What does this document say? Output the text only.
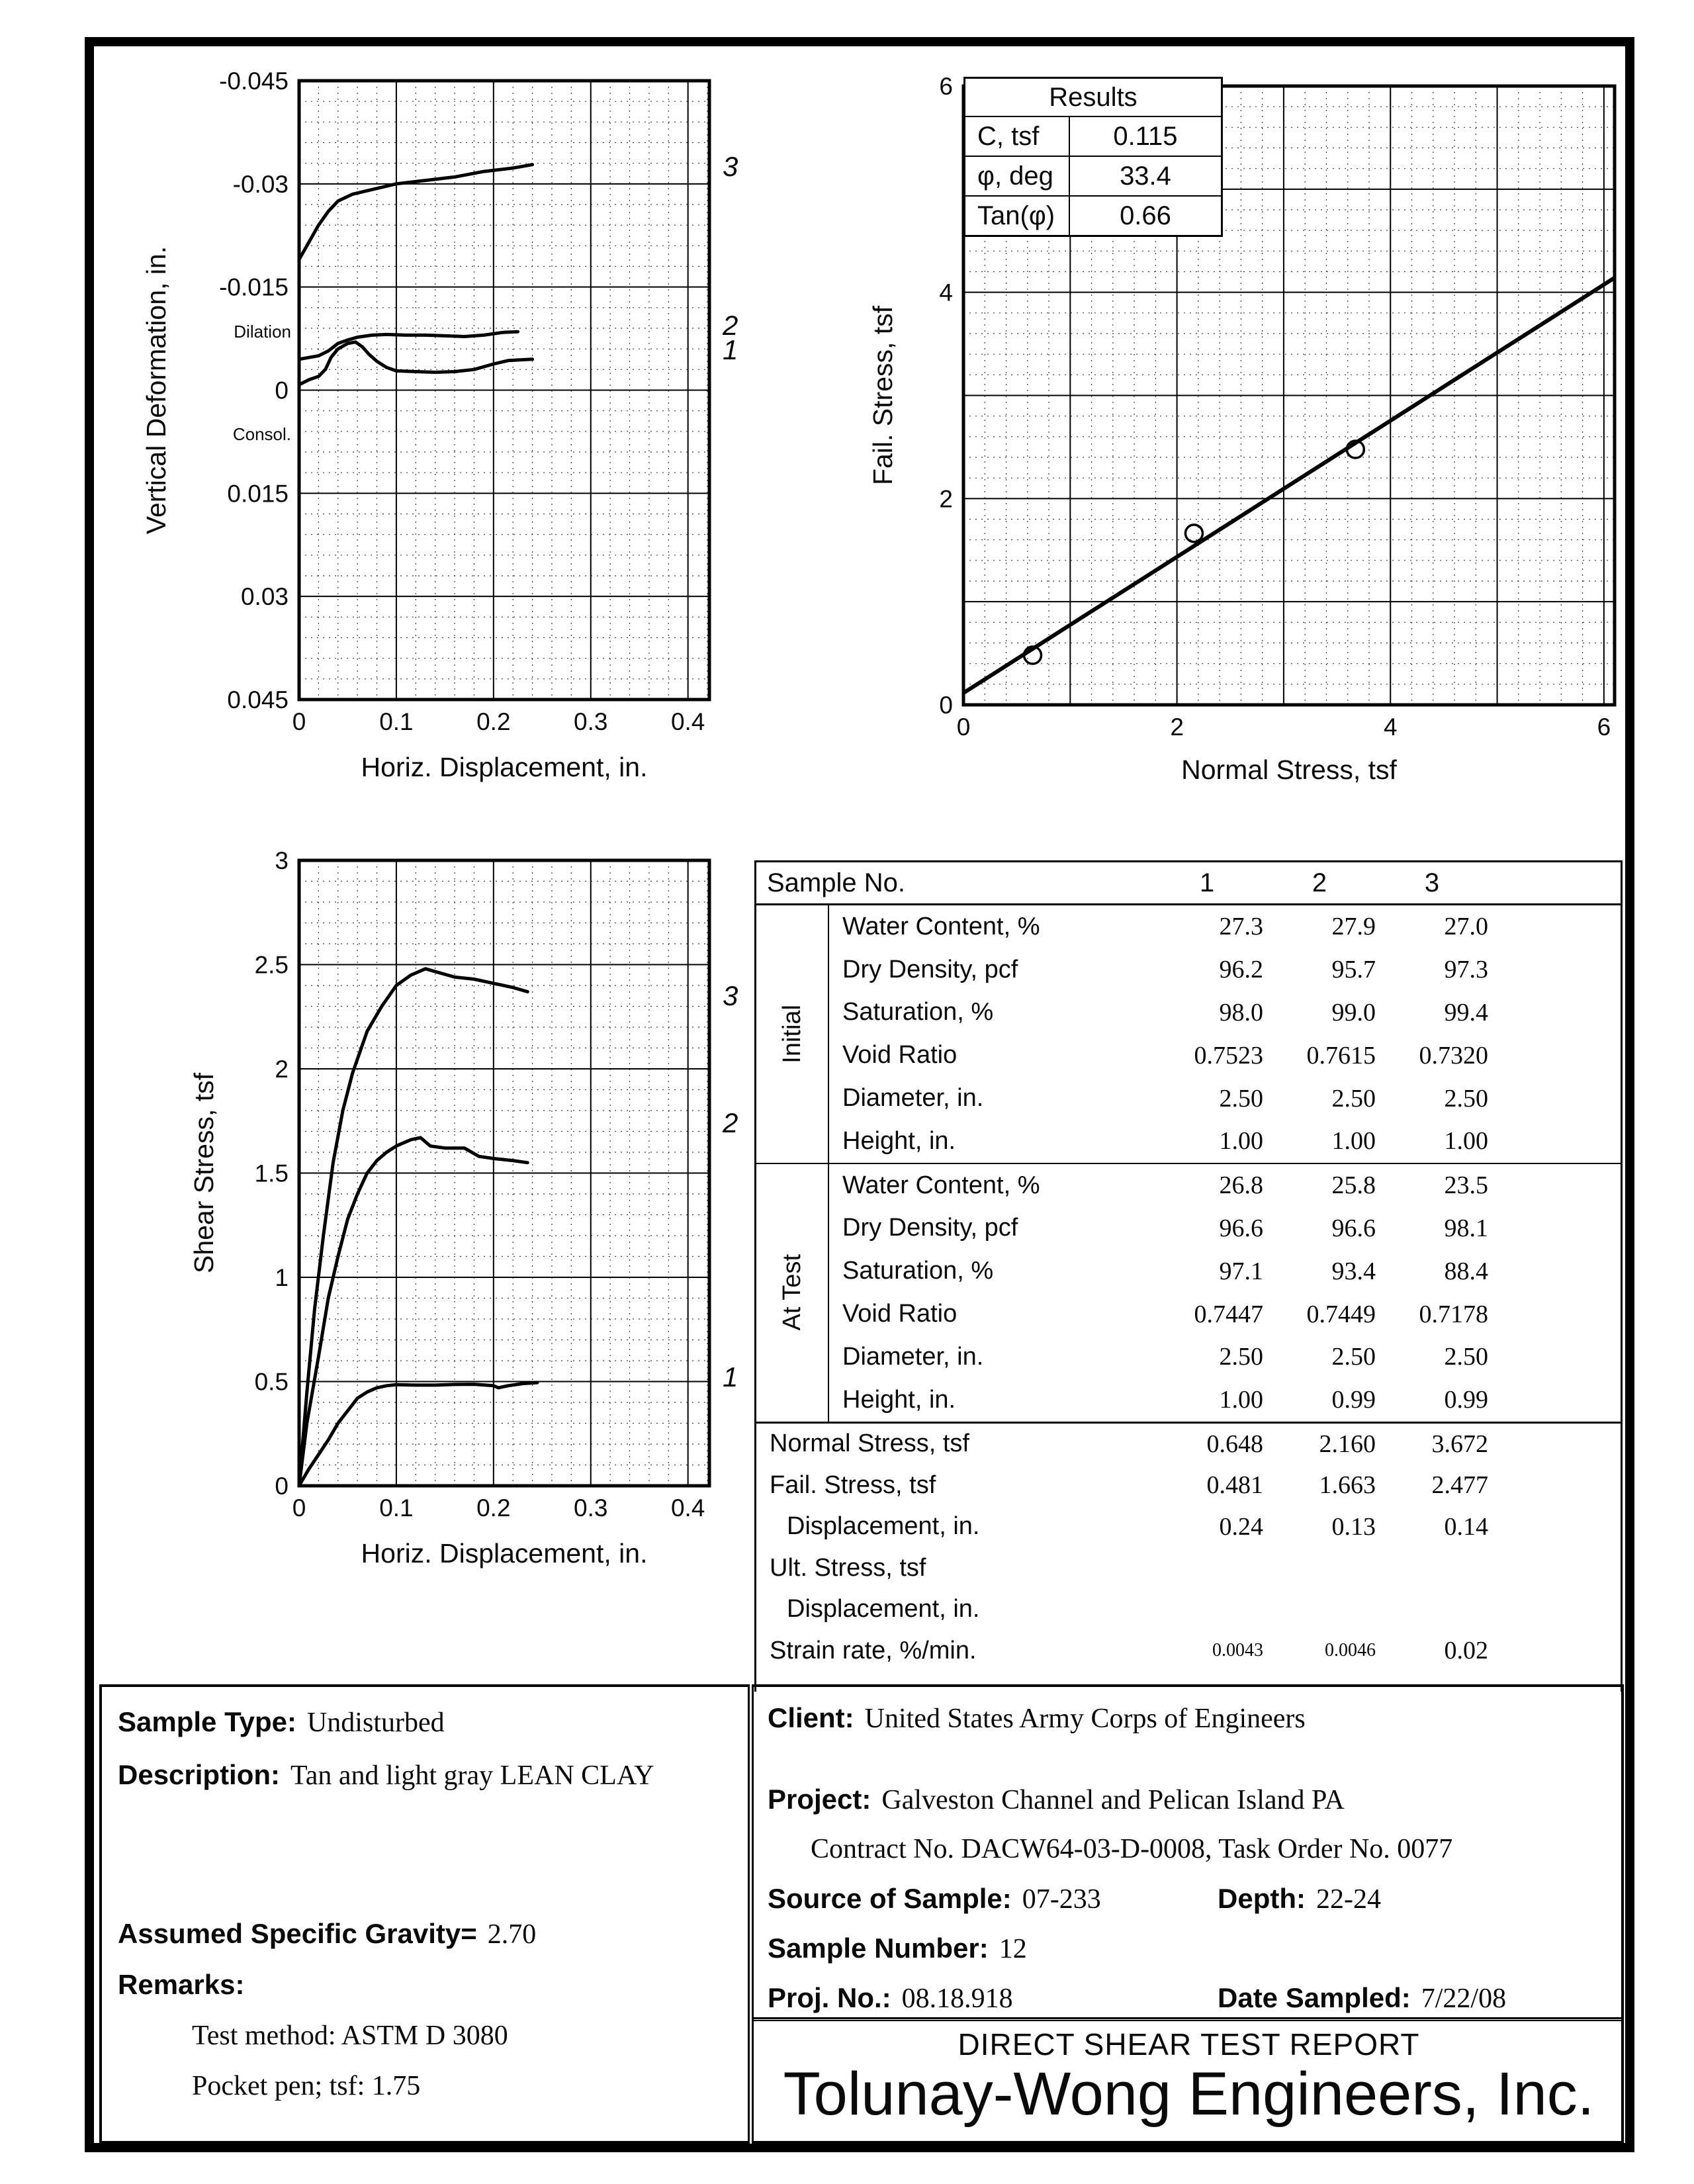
3
2
1
0	0.1	0.2	0.3	0.4
-0.045
-0.03
-0.015
0
0.015
0.03
0.045
Dilation
Consol.
Horiz. Displacement, in.
Vertical Deformation, in.
0	2	4	6
0
2
4
6
Normal Stress, tsf
Fail. Stress, tsf
3
2
1
0	0.1	0.2	0.3	0.4
0
0.5
1
1.5
2
2.5
3
Horiz. Displacement, in.
Shear Stress, tsf
Results
C, tsf	0.115
φ, deg	33.4
Tan(φ)	0.66
Sample No.	1	2	3
Initial
Water Content, %	27.3	27.9	27.0
Dry Density, pcf	96.2	95.7	97.3
Saturation, %	98.0	99.0	99.4
Void Ratio	0.7523	0.7615	0.7320
Diameter, in.	2.50	2.50	2.50
Height, in.	1.00	1.00	1.00
At Test
Water Content, %	26.8	25.8	23.5
Dry Density, pcf	96.6	96.6	98.1
Saturation, %	97.1	93.4	88.4
Void Ratio	0.7447	0.7449	0.7178
Diameter, in.	2.50	2.50	2.50
Height, in.	1.00	0.99	0.99
Normal Stress, tsf	0.648	2.160	3.672
Fail. Stress, tsf	0.481	1.663	2.477
Displacement, in.	0.24	0.13	0.14
Ult. Stress, tsf
Displacement, in.
Strain rate, %/min.	0.0043	0.0046	0.02
Sample Type: Undisturbed
Description: Tan and light gray LEAN CLAY
Assumed Specific Gravity= 2.70
Remarks:
Test method: ASTM D 3080
Pocket pen; tsf: 1.75
Client: United States Army Corps of Engineers
Project: Galveston Channel and Pelican Island PA
Contract No. DACW64-03-D-0008, Task Order No. 0077
Source of Sample: 07-233	Depth: 22-24
Sample Number: 12
Proj. No.: 08.18.918	Date Sampled: 7/22/08
DIRECT SHEAR TEST REPORT
Tolunay-Wong Engineers, Inc.
